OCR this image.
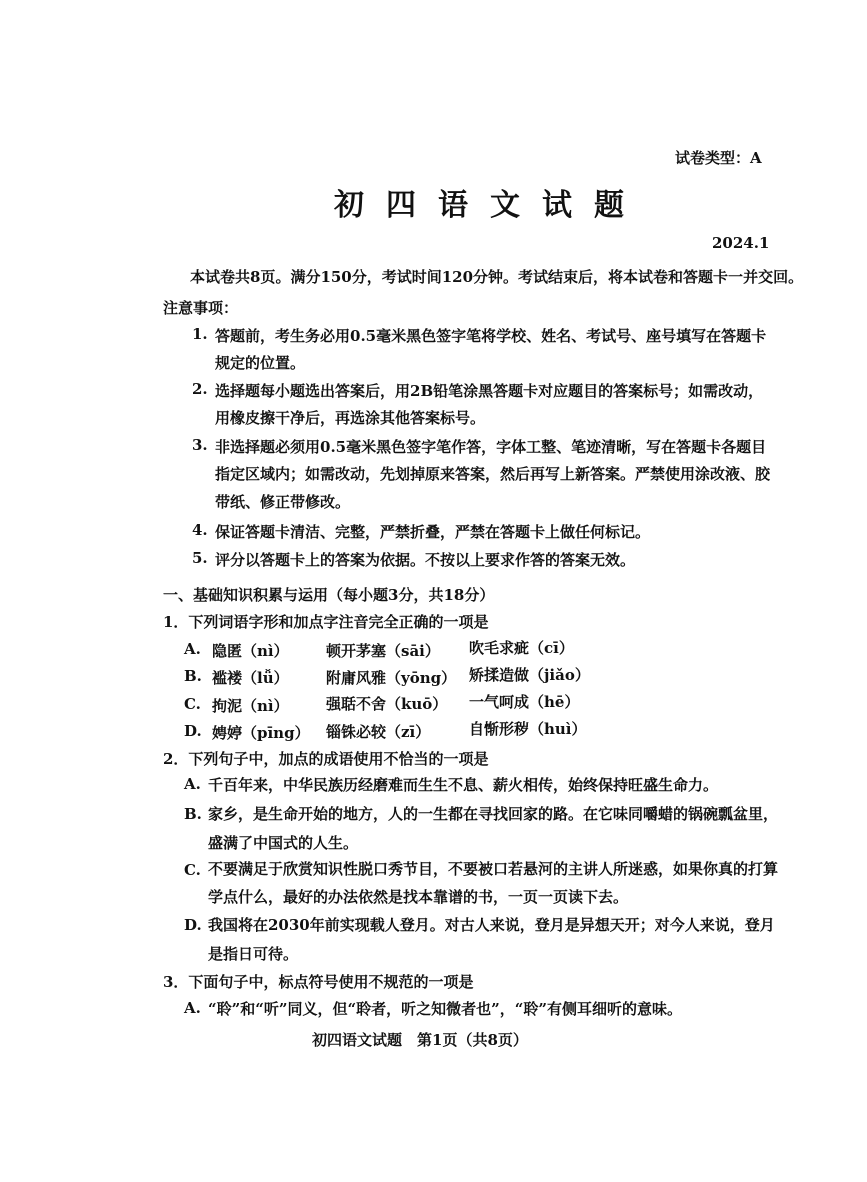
试卷类型：A
初四语文试题
2024.1
本试卷共8页。满分150分，考试时间120分钟。考试结束后，将本试卷和答题卡一并交回。
注意事项：
1. 答题前，考生务必用0.5毫米黑色签字笔将学校、姓名、考试号、座号填写在答题卡
规定的位置。
2. 选择题每小题选出答案后，用2B铅笔涂黑答题卡对应题目的答案标号；如需改动，
用橡皮擦干净后，再选涂其他答案标号。
3. 非选择题必须用0.5毫米黑色签字笔作答，字体工整、笔迹清晰，写在答题卡各题目
指定区域内；如需改动，先划掉原来答案，然后再写上新答案。严禁使用涂改液、胶
带纸、修正带修改。
4. 保证答题卡清洁、完整，严禁折叠，严禁在答题卡上做任何标记。
5. 评分以答题卡上的答案为依据。不按以上要求作答的答案无效。
一、基础知识积累与运用（每小题3分，共18分）
1．下列词语字形和加点字注音完全正确的一项是
A. 隐匿（nì） 顿开茅塞（sāi） 吹毛求疵（cī）
B. 褴褛（lǚ） 附庸风雅（yōng） 矫揉造做（jiǎo）
C. 拘泥（nì） 强聒不舍（kuō） 一气呵成（hē）
D. 娉婷（pīng） 锱铢必较（zī）	自惭形秽（huì）
2．下列句子中，加点的成语使用不恰当的一项是
A. 千百年来，中华民族历经磨难而生生不息、薪火相传，始终保持旺盛生命力。
B. 家乡，是生命开始的地方，人的一生都在寻找回家的路。在它味同嚼蜡的锅碗瓢盆里，
盛满了中国式的人生。
C. 不要满足于欣赏知识性脱口秀节目，不要被口若悬河的主讲人所迷惑，如果你真的打算
学点什么，最好的办法依然是找本靠谱的书，一页一页读下去。
D. 我国将在2030年前实现载人登月。对古人来说，登月是异想天开；对今人来说，登月
是指日可待。
3．下面句子中，标点符号使用不规范的一项是
A. “聆”和“听”同义，但“聆者，听之知微者也”，“聆”有侧耳细听的意味。
初四语文试题　第1页（共8页）
